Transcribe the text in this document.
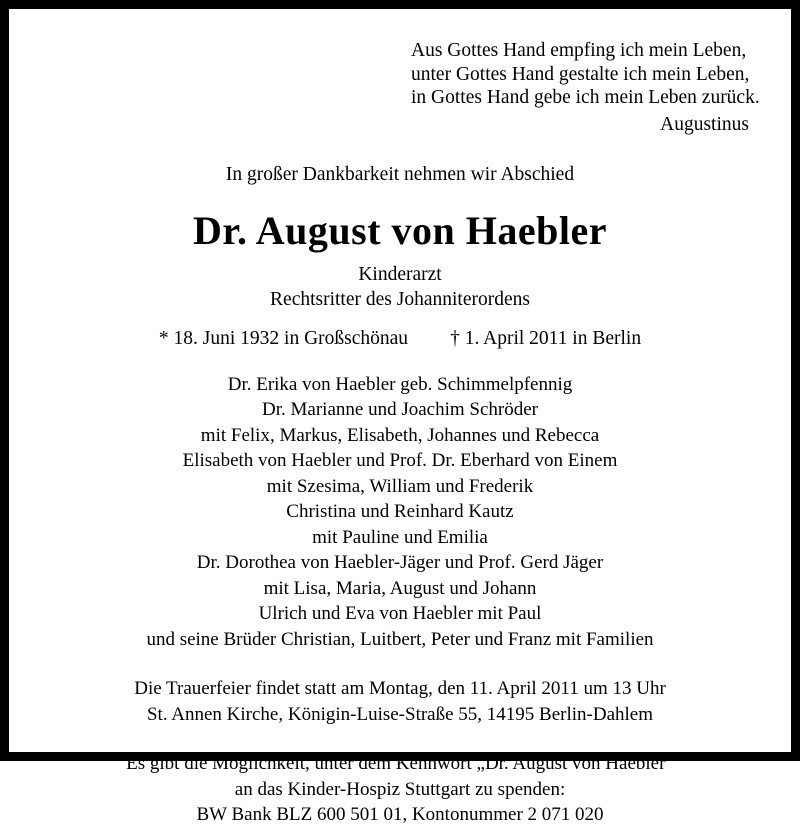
Aus Gottes Hand empfing ich mein Leben,
unter Gottes Hand gestalte ich mein Leben,
in Gottes Hand gebe ich mein Leben zurück.
Augustinus
In großer Dankbarkeit nehmen wir Abschied
Dr. August von Haebler
Kinderarzt
Rechtsritter des Johanniterordens
* 18. Juni 1932 in Großschönau † 1. April 2011 in Berlin
Dr. Erika von Haebler geb. Schimmelpfennig
Dr. Marianne und Joachim Schröder
mit Felix, Markus, Elisabeth, Johannes und Rebecca
Elisabeth von Haebler und Prof. Dr. Eberhard von Einem
mit Szesima, William und Frederik
Christina und Reinhard Kautz
mit Pauline und Emilia
Dr. Dorothea von Haebler-Jäger und Prof. Gerd Jäger
mit Lisa, Maria, August und Johann
Ulrich und Eva von Haebler mit Paul
und seine Brüder Christian, Luitbert, Peter und Franz mit Familien
Die Trauerfeier findet statt am Montag, den 11. April 2011 um 13 Uhr
St. Annen Kirche, Königin-Luise-Straße 55, 14195 Berlin-Dahlem
Es gibt die Möglichkeit, unter dem Kennwort „Dr. August von Haebler“
an das Kinder-Hospiz Stuttgart zu spenden:
BW Bank BLZ 600 501 01, Kontonummer 2 071 020
